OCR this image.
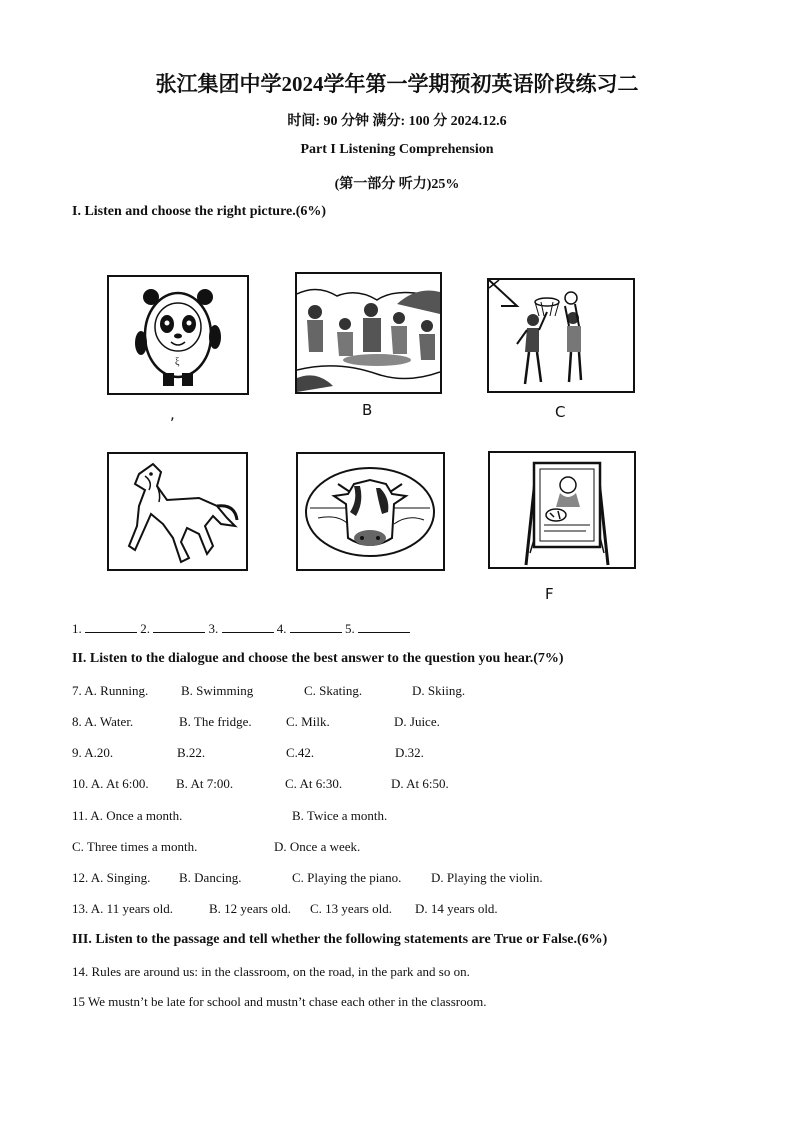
张江集团中学2024学年第一学期预初英语阶段练习二
时间: 90 分钟 满分: 100 分 2024.12.6
Part I Listening Comprehension
(第一部分 听力)25%
I. Listen and choose the right picture.(6%)
ξ
,	B	C
F
1.	2.	3.	4.	5.
II. Listen to the dialogue and choose the best answer to the question you hear.(7%)
7. A. Running.	B. Swimming	C. Skating.	D. Skiing.
8. A. Water.	B. The fridge.	C. Milk.	D. Juice.
9. A.20.	B.22.	C.42.	D.32.
10. A. At 6:00. B. At 7:00.	C. At 6:30.	D. At 6:50.
11. A. Once a month.	B. Twice a month.
C. Three times a month.	D. Once a week.
12. A. Singing. B. Dancing.	C. Playing the piano. D. Playing the violin.
13. A. 11 years old.	B. 12 years old. C. 13 years old. D. 14 years old.
III. Listen to the passage and tell whether the following statements are True or False.(6%)
14. Rules are around us: in the classroom, on the road, in the park and so on.
15 We mustn’t be late for school and mustn’t chase each other in the classroom.
